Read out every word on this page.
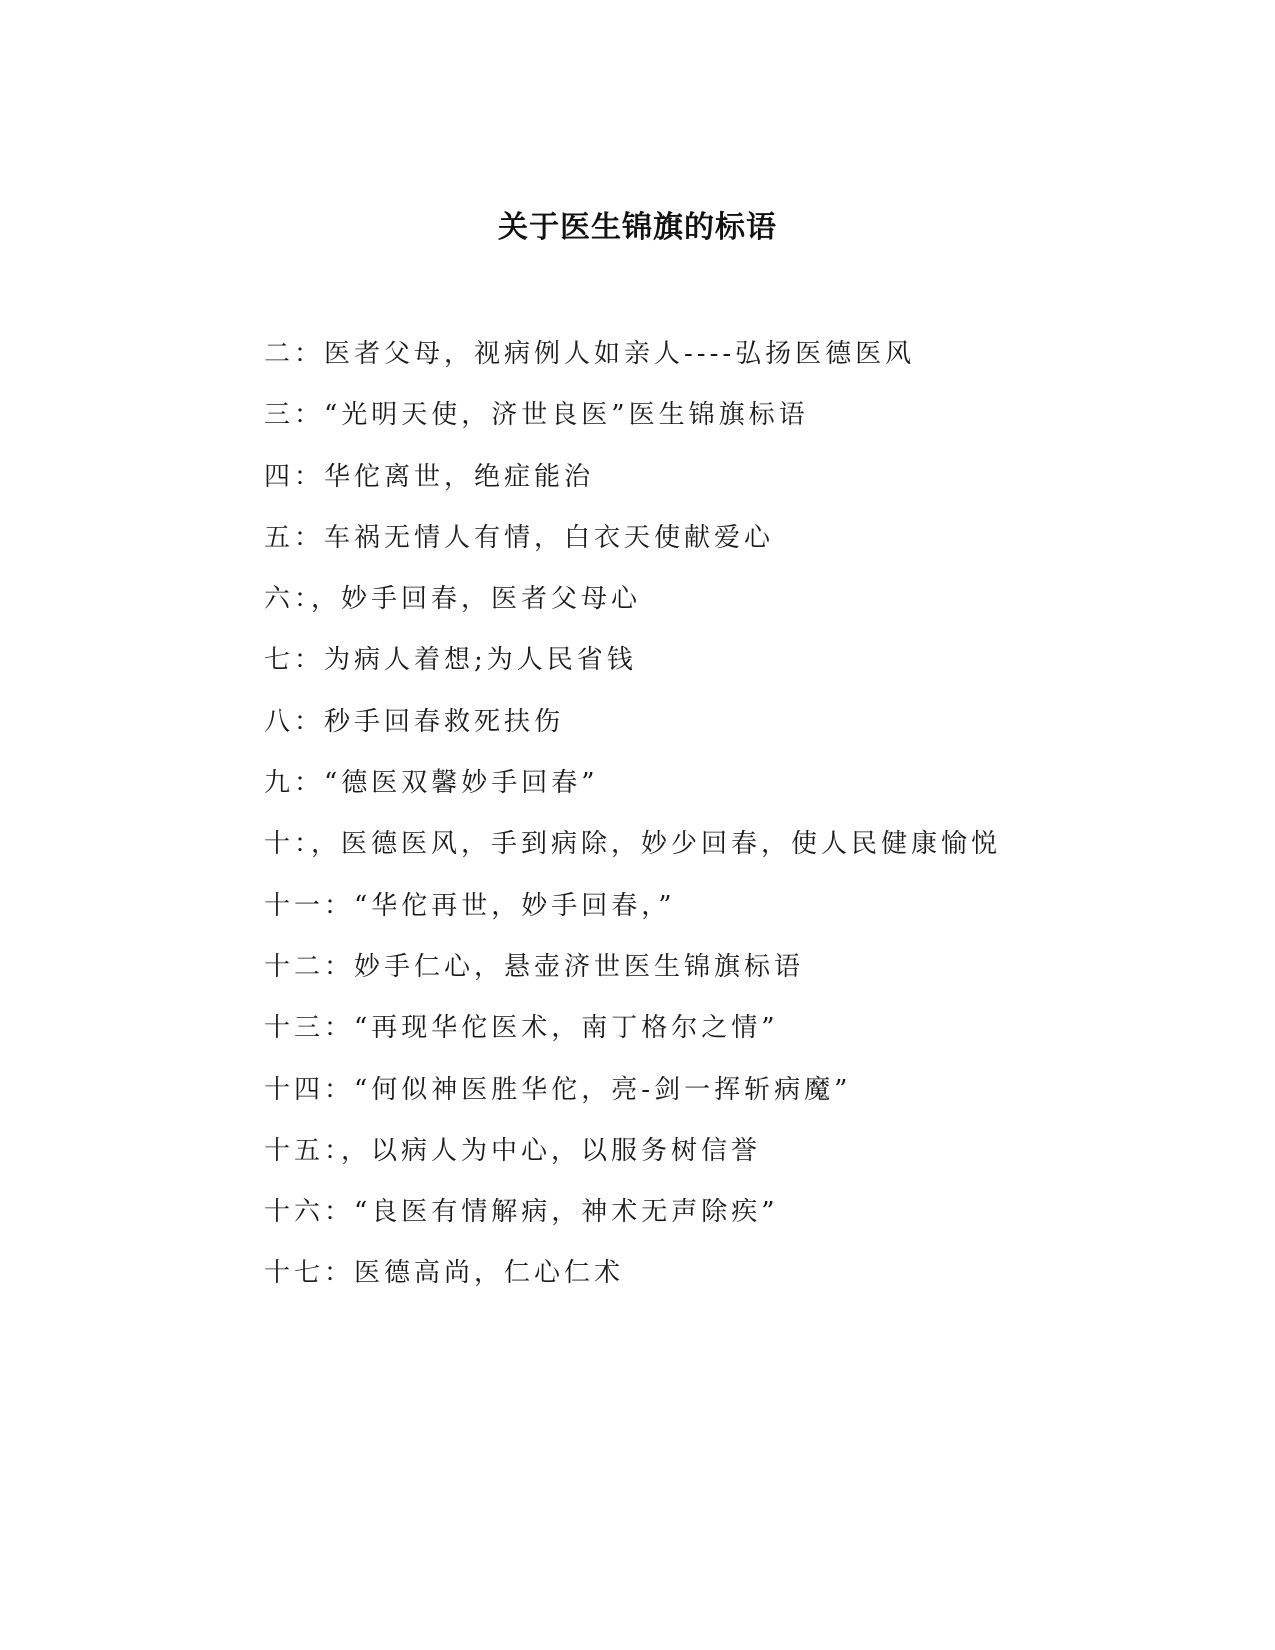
关于医生锦旗的标语
二：医者父母，视病例人如亲人----弘扬医德医风
三：“光明天使，济世良医”医生锦旗标语
四：华佗离世，绝症能治
五：车祸无情人有情，白衣天使献爱心
六：，妙手回春，医者父母心
七：为病人着想;为人民省钱
八：秒手回春救死扶伤
九：“德医双馨妙手回春”
十：，医德医风，手到病除，妙少回春，使人民健康愉悦
十一：“华佗再世，妙手回春，”
十二：妙手仁心，悬壶济世医生锦旗标语
十三：“再现华佗医术，南丁格尔之情”
十四：“何似神医胜华佗，亮-剑一挥斩病魔”
十五：，以病人为中心，以服务树信誉
十六：“良医有情解病，神术无声除疾”
十七：医德高尚，仁心仁术
